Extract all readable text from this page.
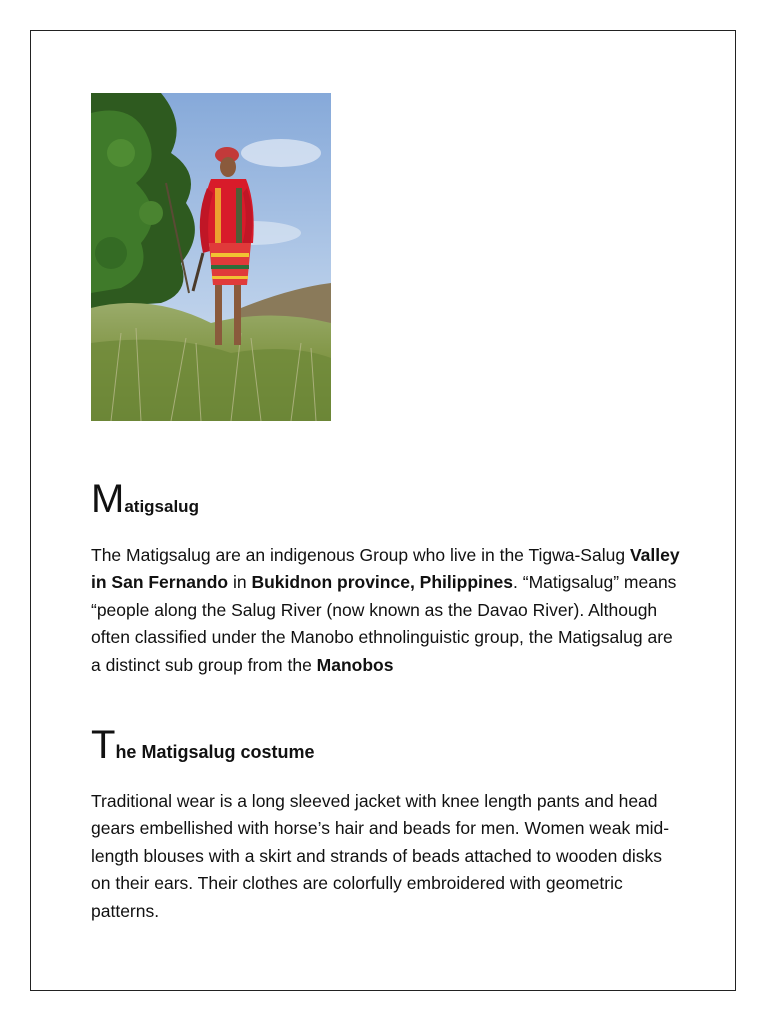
Matigsalug

The Matigsalug are an indigenous Group who live in the Tigwa-Salug Valley in San Fernando in Bukidnon province, Philippines. “Matigsalug” means “people along the Salug River (now known as the Davao River). Although often classified under the Manobo ethnolinguistic group, the Matigsalug are a distinct sub group from the Manobos

The Matigsalug costume

Traditional wear is a long sleeved jacket with knee length pants and head gears embellished with horse’s hair and beads for men. Women weak mid-length blouses with a skirt and strands of beads attached to wooden disks on their ears. Their clothes are colorfully embroidered with geometric patterns.
